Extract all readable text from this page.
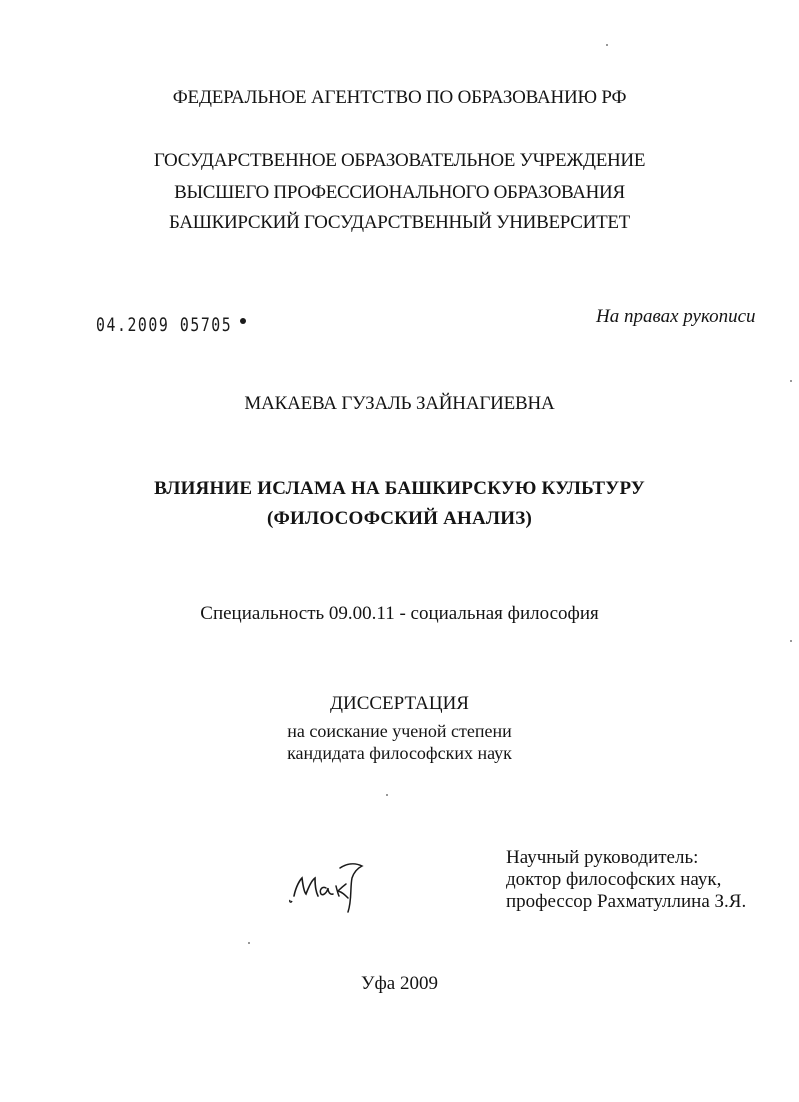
ФЕДЕРАЛЬНОЕ АГЕНТСТВО ПО ОБРАЗОВАНИЮ РФ
ГОСУДАРСТВЕННОЕ ОБРАЗОВАТЕЛЬНОЕ УЧРЕЖДЕНИЕ
ВЫСШЕГО ПРОФЕССИОНАЛЬНОГО ОБРАЗОВАНИЯ
БАШКИРСКИЙ ГОСУДАРСТВЕННЫЙ УНИВЕРСИТЕТ
04.2009 05705	На правах рукописи
МАКАЕВА ГУЗАЛЬ ЗАЙНАГИЕВНА
ВЛИЯНИЕ ИСЛАМА НА БАШКИРСКУЮ КУЛЬТУРУ
(ФИЛОСОФСКИЙ АНАЛИЗ)
Специальность 09.00.11 - социальная философия
ДИССЕРТАЦИЯ
на соискание ученой степени
кандидата философских наук
Научный руководитель:
доктор философских наук,
профессор Рахматуллина З.Я.
Уфа 2009
